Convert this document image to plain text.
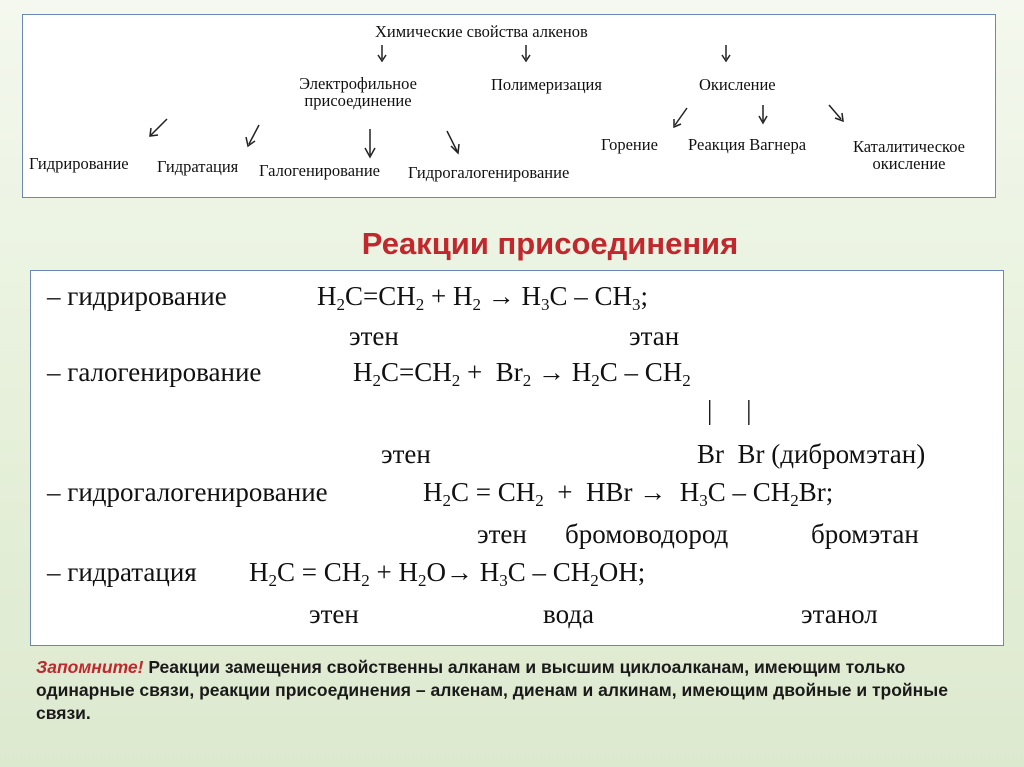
Химические свойства алкенов
Электрофильное присоединение
Полимеризация	Окисление
Гидрирование Гидратация Галогенирование Гидрогалогенирование
Горение Реакция Вагнера	Каталитическое окисление
Реакции присоединения
– гидрирование	$H_2C=CH_2 + H_2 \to H_3C - CH_3$;
этен	этан
– галогенирование	$H_2C=CH_2 + Br_2 \to H_2C - CH_2$
|     |
этен	Br  Br (дибромэтан)
– гидрогалогенирование	$H_2C = CH_2$  +  HBr →  $H_3C - CH_2Br$;
этен бромоводород	бромэтан
– гидратация $H_2C = CH_2 + H_2O\to H_3C - CH_2OH$;
этен	вода	этанол
Запомните! Реакции замещения свойственны алканам и высшим циклоалканам, имеющим только одинарные связи, реакции присоединения – алкенам, диенам и алкинам, имеющим двойные и тройные связи.
